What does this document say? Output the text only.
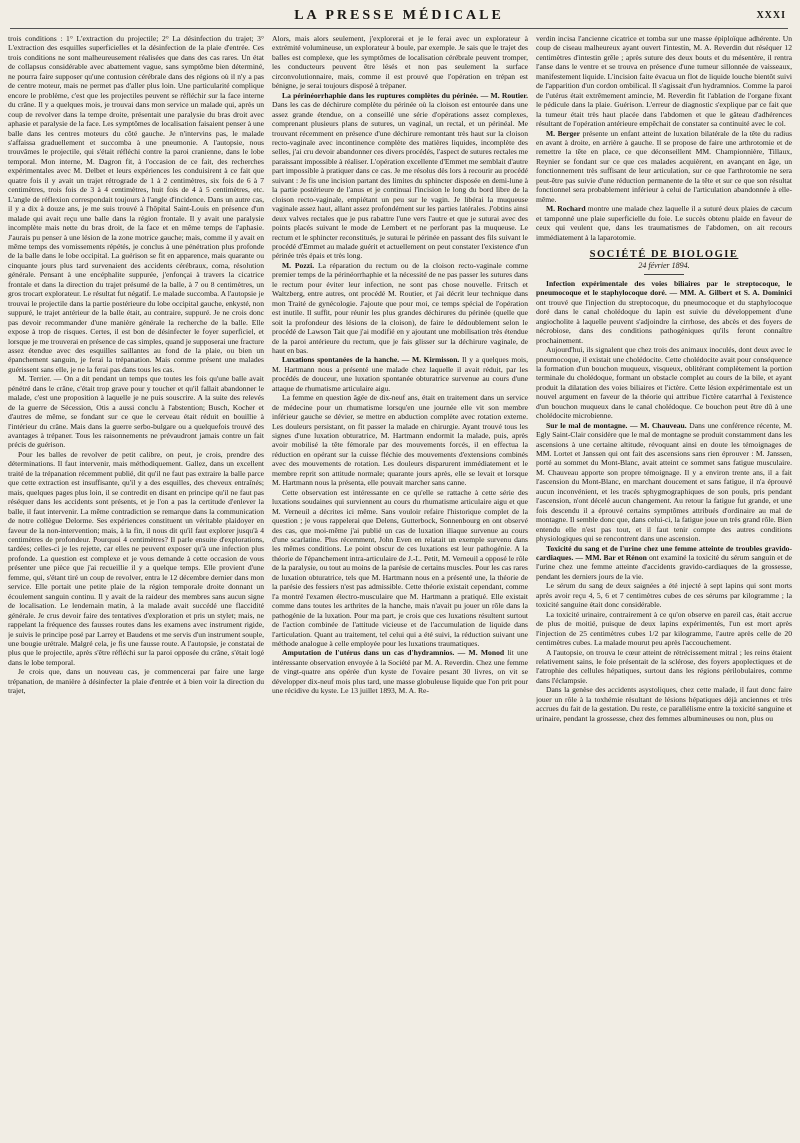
LA PRESSE MÉDICALE	XXXI

trois conditions : 1° L'extraction du projectile; 2° La désinfection du trajet; 3° L'extraction des esquilles superficielles et la désinfection de la plaie d'entrée. Ces trois conditions ne sont malheureusement réalisées que dans des cas rares. Un état de collapsus considérable avec abattement vague, sans symptôme bien déterminé, ne pourra faire supposer qu'une contusion cérébrale dans des régions où il n'y a pas de centre moteur, mais ne permet pas d'aller plus loin. Une particularité complique encore le problème, c'est que les projectiles peuvent se réfléchir sur la face interne du crâne. Il y a quelques mois, je trouvai dans mon service un malade qui, après un coup de revolver dans la tempe droite, présentait une paralysie du bras droit avec aphasie et paralysie de la face. Les symptômes de localisation faisaient penser à une balle dans les centres moteurs du côté gauche. Je n'intervins pas, le malade s'affaissa graduellement et succomba à une pneumonie. A l'autopsie, nous trouvâmes le projectile, qui s'était réfléchi contre la paroi cranienne, dans le lobe temporal. Mon interne, M. Dagron fit, à l'occasion de ce fait, des recherches expérimentales avec M. Delbet et leurs expériences les conduisirent à ce fait que quatre fois il y avait un trajet rétrograde de 1 à 2 centimètres, six fois de 6 à 7 centimètres, trois fois de 3 à 4 centimètres, huit fois de 4 à 5 centimètres, etc. L'angle de réflexion correspondait toujours à l'angle d'incidence. Dans un autre cas, il y a dix à douze ans, je me suis trouvé à l'hôpital Saint-Louis en présence d'un malade qui avait reçu une balle dans la région frontale. Il y avait une paralysie incomplète mais nette du bras droit, de la face et en même temps de l'aphasie. J'aurais pu penser à une lésion de la zone motrice gauche; mais, comme il y avait en même temps des vomissements répétés, je conclus à une pénétration plus profonde de la balle dans le lobe occipital. La guérison se fit en apparence, mais quarante ou cinquante jours plus tard survenaient des accidents cérébraux, coma, résolution générale. Pensant à une encéphalite suppurée, j'enfonçai à travers la cicatrice frontale et dans la direction du trajet présumé de la balle, à 7 ou 8 centimètres, un gros trocart explorateur. Le résultat fut négatif. Le malade succomba. A l'autopsie je trouvai le projectile dans la partie postérieure du lobe occipital gauche, enkysté, non suppuré, le trajet antérieur de la balle était, au contraire, suppuré. Je ne crois donc pas devoir recommander d'une manière générale la recherche de la balle. Elle expose à trop de risques. Certes, il est bon de désinfecter le foyer superficiel, et lorsque je me trouverai en présence de cas simples, quand je supposerai une fracture assez étendue avec des esquilles saillantes au fond de la plaie, ou bien un épanchement sanguin, je ferai la trépanation. Mais comme présent une malades guérissent sans elle, je ne la ferai pas dans tous les cas.

M. Terrier. — On a dit pendant un temps que toutes les fois qu'une balle avait pénétré dans le crâne, c'était trop grave pour y toucher et qu'il fallait abandonner le malade, c'est une proposition à laquelle je ne puis souscrire. A la suite des relevés de la guerre de Sécession, Otis a aussi conclu à l'abstention; Busch, Kocher et d'autres de même, se fondant sur ce que le cerveau était réduit en bouillie à l'intérieur du crâne. Mais dans la guerre serbo-bulgare ou a quelquefois trouvé des avantages à trépaner. Tous les raisonnements ne prévaudront jamais contre un fait précis de guérison.

Pour les balles de revolver de petit calibre, on peut, je crois, prendre des déterminations. Il faut intervenir, mais méthodiquement. Gallez, dans un excellent traité de la trépanation récemment publié, dit qu'il ne faut pas extraire la balle parce que cette extraction est insuffisante, qu'il y a des esquilles, des cheveux entraînés; mais, quelques pages plus loin, il se contredit en disant en principe qu'il ne faut pas réséquer dans les accidents sont présents, et je l'on a pas la certitude d'enlever la balle, il faut intervenir. La même contradiction se remarque dans la communication de notre collègue Delorme. Ses expériences constituent un véritable plaidoyer en faveur de la non-intervention; mais, à la fin, il nous dit qu'il faut explorer jusqu'à 4 centimètres de profondeur. Pourquoi 4 centimètres? Il parle ensuite d'explorations, tardées; celles-ci je les rejette, car elles ne peuvent exposer qu'à une infection plus profonde. La question est complexe et je vous demande à cette occasion de vous présenter une pièce que j'ai recueillie il y a quelque temps. Elle provient d'une femme, qui, s'étant tiré un coup de revolver, entra le 12 décembre dernier dans mon service. Elle portait une petite plaie de la région temporale droite donnant un écoulement sanguin continu. Il y avait de la raideur des membres sans aucun signe de localisation. Le lendemain matin, à la malade avait succédé une flaccidité générale. Je crus devoir faire des tentatives d'exploration et pris un stylet; mais, ne rappelant la fréquence des fausses routes dans les examens avec instrument rigide, je suivis le principe posé par Larrey et Baudens et me servis d'un instrument souple, une bougie urétrale. Malgré cela, je fis une fausse route. A l'autopsie, je constatai de plus que le projectile, après s'être réfléchi sur la paroi opposée du crâne, s'était logé dans le lobe temporal.

Je crois que, dans un nouveau cas, je commencerai par faire une large trépanation, de manière à désinfecter la plaie d'entrée et à bien voir la direction du trajet,

Alors, mais alors seulement, j'explorerai et je le ferai avec un explorateur à extrémité volumineuse, un explorateur à boule, par exemple. Je sais que le trajet des balles est complexe, que les symptômes de localisation cérébrale peuvent tromper, les conducteurs peuvent être lésés et non pas seulement la surface circonvolutionnaire, mais, comme il est prouvé que l'opération en trépan est bénigne, je serai toujours disposé à trépaner.

La périnéorrhaphie dans les ruptures complètes du périnée. — M. Routier. Dans les cas de déchirure complète du périnée où la cloison est entourée dans une assez grande étendue, on a conseillé une série d'opérations assez complexes, comprenant plusieurs plans de sutures, un vaginal, un rectal, et un périnéal. Me trouvant récemment en présence d'une déchirure remontant très haut sur la cloison recto-vaginale avec incontinence complète des matières liquides, incomplète des selles, j'ai cru devoir abandonner ces divers procédés, l'aspect de sutures rectales me paraissant impossible à réaliser. L'opération excellente d'Emmet me semblait d'autre part impossible à pratiquer dans ce cas. Je me résolus dès lors à recourir au procédé suivant : Je fis une incision partant des limites du sphincter disposée en demi-lune à la partie postérieure de l'anus et je continuai l'incision le long du bord libre de la cloison recto-vaginale, empiétant un peu sur le vagin. Je libérai la muqueuse vaginale assez haut, allant assez profondément sur les parties latérales. J'obtins ainsi deux valves rectales que je pus rabattre l'une vers l'autre et que je suturai avec des points placés suivant le mode de Lembert et ne perforant pas la muqueuse. Le rectum et le sphincter reconstitués, je suturai le périnée en passant des fils suivant le procédé d'Emmet au malade guérit et actuellement on peut constater l'existence d'un périnée très épais et très long.

M. Pozzi. La réparation du rectum ou de la cloison recto-vaginale comme premier temps de la périnéorrhaphie et la nécessité de ne pas passer les sutures dans le rectum pour éviter leur infection, ne sont pas chose nouvelle. Fritsch et Waltzberg, entre autres, ont procédé M. Routier, et j'ai décrit leur technique dans mon Traité de gynécologie. J'ajoute que pour moi, ce temps spécial de l'opération est inutile. Il suffit, pour réunir les plus grandes déchirures du périnée (quelle que soit la profondeur des lésions de la cloison), de faire le dédoublement selon le procédé de Lawson Tait que j'ai modifié en y ajoutant une mobilisation très étendue de la paroi antérieure du rectum, que je fais glisser sur la déchirure vaginale, de haut en bas.

Luxations spontanées de la hanche. — M. Kirmisson. Il y a quelques mois, M. Hartmann nous a présenté une malade chez laquelle il avait réduit, par les procédés de douceur, une luxation spontanée obturatrice survenue au cours d'une attaque de rhumatisme articulaire aigu.

La femme en question âgée de dix-neuf ans, était en traitement dans un service de médecine pour un rhumatisme lorsqu'en une journée elle vit son membre inférieur gauche se dévier, se mettre en abduction complète avec rotation externe. Les douleurs persistant, on fit passer la malade en chirurgie. Ayant trouvé tous les signes d'une luxation obturatrice, M. Hartmann endormit la malade, puis, après avoir mobilisé la tête fémorale par des mouvements forcés, il en effectua la réduction en opérant sur la cuisse fléchie des mouvements d'extensions combinés avec des mouvements de rotation. Les douleurs disparurent immédiatement et le membre reprit son attitude normale; quarante jours après, elle se levait et lorsque M. Hartmann nous la présenta, elle pouvait marcher sans canne.

Cette observation est intéressante en ce qu'elle se rattache à cette série des luxations soudaines qui surviennent au cours du rhumatisme articulaire aigu et que M. Verneuil a décrites ici même. Sans vouloir refaire l'historique complet de la question ; je vous rappelerai que Delens, Gutterbock, Sonnenbourg en ont observé des cas, que moi-même j'ai publié un cas de luxation iliaque survenue au cours d'une scarlatine. Plus récemment, John Even en relatait un exemple survenu dans les mêmes conditions. Le point obscur de ces luxations est leur pathogénie. A la théorie de l'épanchement intra-articulaire de J.-L. Petit, M. Verneuil a opposé le rôle de la paralysie, ou tout au moins de la parésie de certains muscles. Pour les cas rares de luxation obturatrice, tels que M. Hartmann nous en a présenté une, la théorie de la parésie des fessiers n'est pas admissible. Cette théorie existait cependant, comme l'a montré l'examen électro-musculaire que M. Hartmann a pratiqué. Elle existait comme dans toutes les arthrites de la hanche, mais n'avait pu jouer un rôle dans la pathogénie de la luxation. Pour ma part, je crois que ces luxations résultent surtout de l'action combinée de l'attitude vicieuse et de l'accumulation de liquide dans l'articulation. Quant au traitement, tel celui qui a été suivi, la réduction suivant une méthode analogue à celle employée pour les luxations traumatiques.

Amputation de l'utérus dans un cas d'hydramnios. — M. Monod lit une intéressante observation envoyée à la Société par M. A. Reverdin. Chez une femme de vingt-quatre ans opérée d'un kyste de l'ovaire pesant 30 livres, on vit se développer dix-neuf mois plus tard, une masse globuleuse liquide que l'on prit pour une récidive du kyste. Le 13 juillet 1893, M. A. Re-

verdin incisa l'ancienne cicatrice et tomba sur une masse épiploïque adhérente. Un coup de ciseau malheureux ayant ouvert l'intestin, M. A. Reverdin dut réséquer 12 centimètres d'intestin grêle ; après suture des deux bouts et du mésentère, il rentra l'anse dans le ventre et se trouva en présence d'une tumeur sillonnée de vaisseaux, manifestement liquide. L'incision faite évacua un flot de liquide louche bientôt suivi de l'apparition d'un cordon ombilical. Il s'agissait d'un hydramnios. Comme la paroi de l'utérus était extrêmement amincie, M. Reverdin fit l'ablation de l'organe fixant le pédicule dans la plaie. Guérison. L'erreur de diagnostic s'explique par ce fait que la tumeur était très haut placée dans l'abdomen et que le gâteau d'adhérences résultant de l'opération antérieure empêchait de constater sa continuité avec le col.

M. Berger présente un enfant atteint de luxation bilatérale de la tête du radius en avant à droite, en arrière à gauche. Il se propose de faire une arthrotomie et de remettre la tête en place, ce que déconseillent MM. Championnière, Tillaux, Reynier se fondant sur ce que ces malades acquièrent, en avançant en âge, un fonctionnement très suffisant de leur articulation, sur ce que l'arthrotomie ne sera peut-être pas suivie d'une réduction permanente de la tête et sur ce que son résultat fonctionnel sera probablement inférieur à celui de l'articulation abandonnée à elle-même.

M. Rochard montre une malade chez laquelle il a suturé deux plaies de cæcum et tamponné une plaie superficielle du foie. Le succès obtenu plaide en faveur de ceux qui veulent que, dans les traumatismes de l'abdomen, on ait recours immédiatement à la laparotomie.

SOCIÉTÉ DE BIOLOGIE
24 février 1894.

Infection expérimentale des voies biliaires par le streptocoque, le pneumocoque et le staphylocoque doré. — MM. A. Gilbert et S. A. Dominici ont trouvé que l'injection du streptocoque, du pneumocoque et du staphylocoque doré dans le canal cholédoque du lapin est suivie du développement d'une angiocholite à laquelle peuvent s'adjoindre la cirrhose, des abcès et des foyers de nécrobiose, dans des conditions pathogéniques qu'ils feront connaître prochainement.

Aujourd'hui, ils signalent que chez trois des animaux inoculés, dont deux avec le pneumocoque, il existait une cholédocite. Cette cholédocite avait pour conséquence la formation d'un bouchon muqueux, visqueux, oblitérant complètement la portion terminale du cholédoque, formant un obstacle complet au cours de la bile, et ayant produit la dilatation des voies biliaires et l'ictère. Cette lésion expérimentale est un nouvel argument en faveur de la théorie qui attribue l'ictère catarrhal à l'existence d'un bouchon muqueux dans le canal cholédoque. Ce bouchon peut être dû à une cholédocite microbienne.

Sur le mal de montagne. — M. Chauveau. Dans une conférence récente, M. Egly Saint-Clair considère que le mal de montagne se produit constamment dans les ascensions à une certaine altitude, révoquant ainsi en doute les témoignages de MM. Lortet et Janssen qui ont fait des ascensions sans rien éprouver : M. Janssen, porté au sommet du Mont-Blanc, avait atteint ce sommet sans fatigue musculaire. M. Chauveau apporte son propre témoignage. Il y a environ trente ans, il a fait l'ascension du Mont-Blanc, en marchant doucement et sans fatigue, il n'a éprouvé aucun inconvénient, et les tracés sphygmographiques de son pouls, pris pendant l'ascension, n'ont décelé aucun changement. Au retour la fatigue fut grande, et une fois descendu il a éprouvé certains symptômes attribués d'ordinaire au mal de montagne. Il semble donc que, dans celui-ci, la fatigue joue un très grand rôle. Bien entendu elle n'est pas tout, et il faut tenir compte des autres conditions physiologiques qui se rencontrent dans une ascension.

Toxicité du sang et de l'urine chez une femme atteinte de troubles gravido-cardiaques. — MM. Bar et Rénon ont examiné la toxicité du sérum sanguin et de l'urine chez une femme atteinte d'accidents gravido-cardiaques de la grossesse, pendant les derniers jours de la vie.

Le sérum du sang de deux saignées a été injecté à sept lapins qui sont morts après avoir reçu 4, 5, 6 et 7 centimètres cubes de ces sérums par kilogramme ; la toxicité sanguine était donc considérable.

La toxicité urinaire, contrairement à ce qu'on observe en pareil cas, était accrue de plus de moitié, puisque de deux lapins expérimentés, l'un est mort après l'injection de 25 centimètres cubes 1/2 par kilogramme, l'autre après celle de 20 centimètres cubes. La malade mourut peu après l'accouchement.

A l'autopsie, on trouva le cœur atteint de rétrécissement mitral ; les reins étaient relativement sains, le foie présentait de la sclérose, des foyers apoplectiques et de l'atrophie des cellules hépatiques, surtout dans les régions périlobulaires, comme dans l'éclampsie.

Dans la genèse des accidents asystoliques, chez cette malade, il faut donc faire jouer un rôle à la toxhémie résultant de lésions hépatiques déjà anciennes et très accrues du fait de la gestation. Du reste, ce parallélisme entre la toxicité sanguine et urinaire, pendant la grossesse, chez des femmes albumineuses ou non, plus ou
